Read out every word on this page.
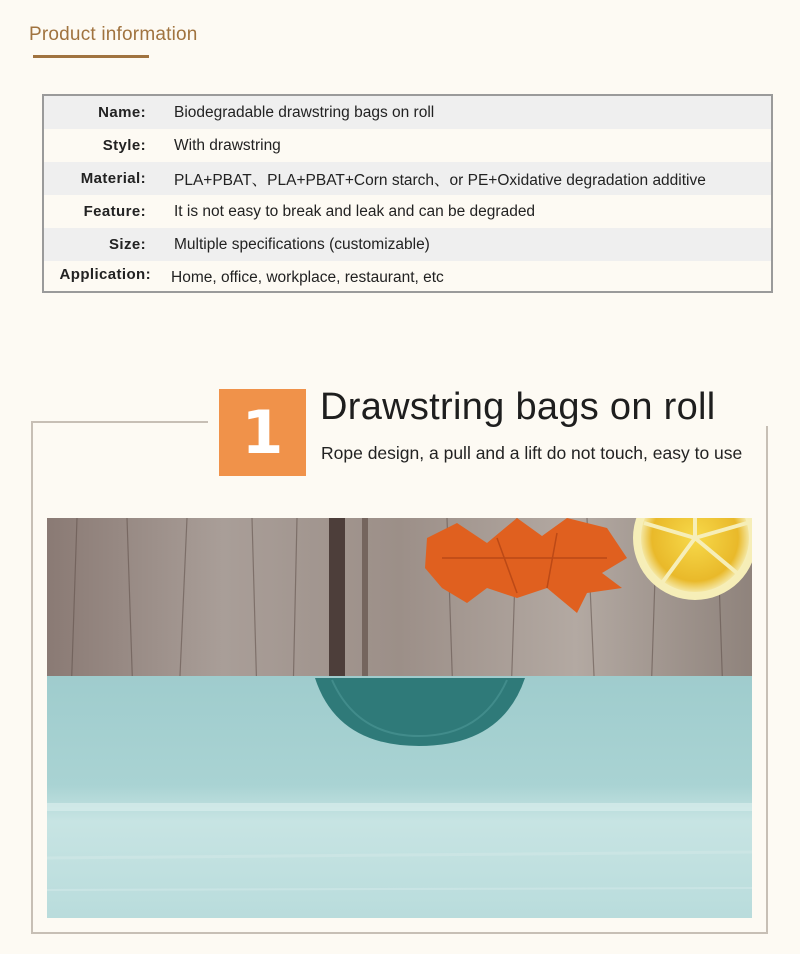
Product information
Name:	Biodegradable drawstring bags on roll
Style:	With drawstring
Material:	PLA+PBAT、PLA+PBAT+Corn starch、or PE+Oxidative degradation additive
Feature:	It is not easy to break and leak and can be degraded
Size:	Multiple specifications (customizable)
Application:	Home, office, workplace, restaurant, etc
1 Drawstring bags on roll
Rope design, a pull and a lift do not touch, easy to use
